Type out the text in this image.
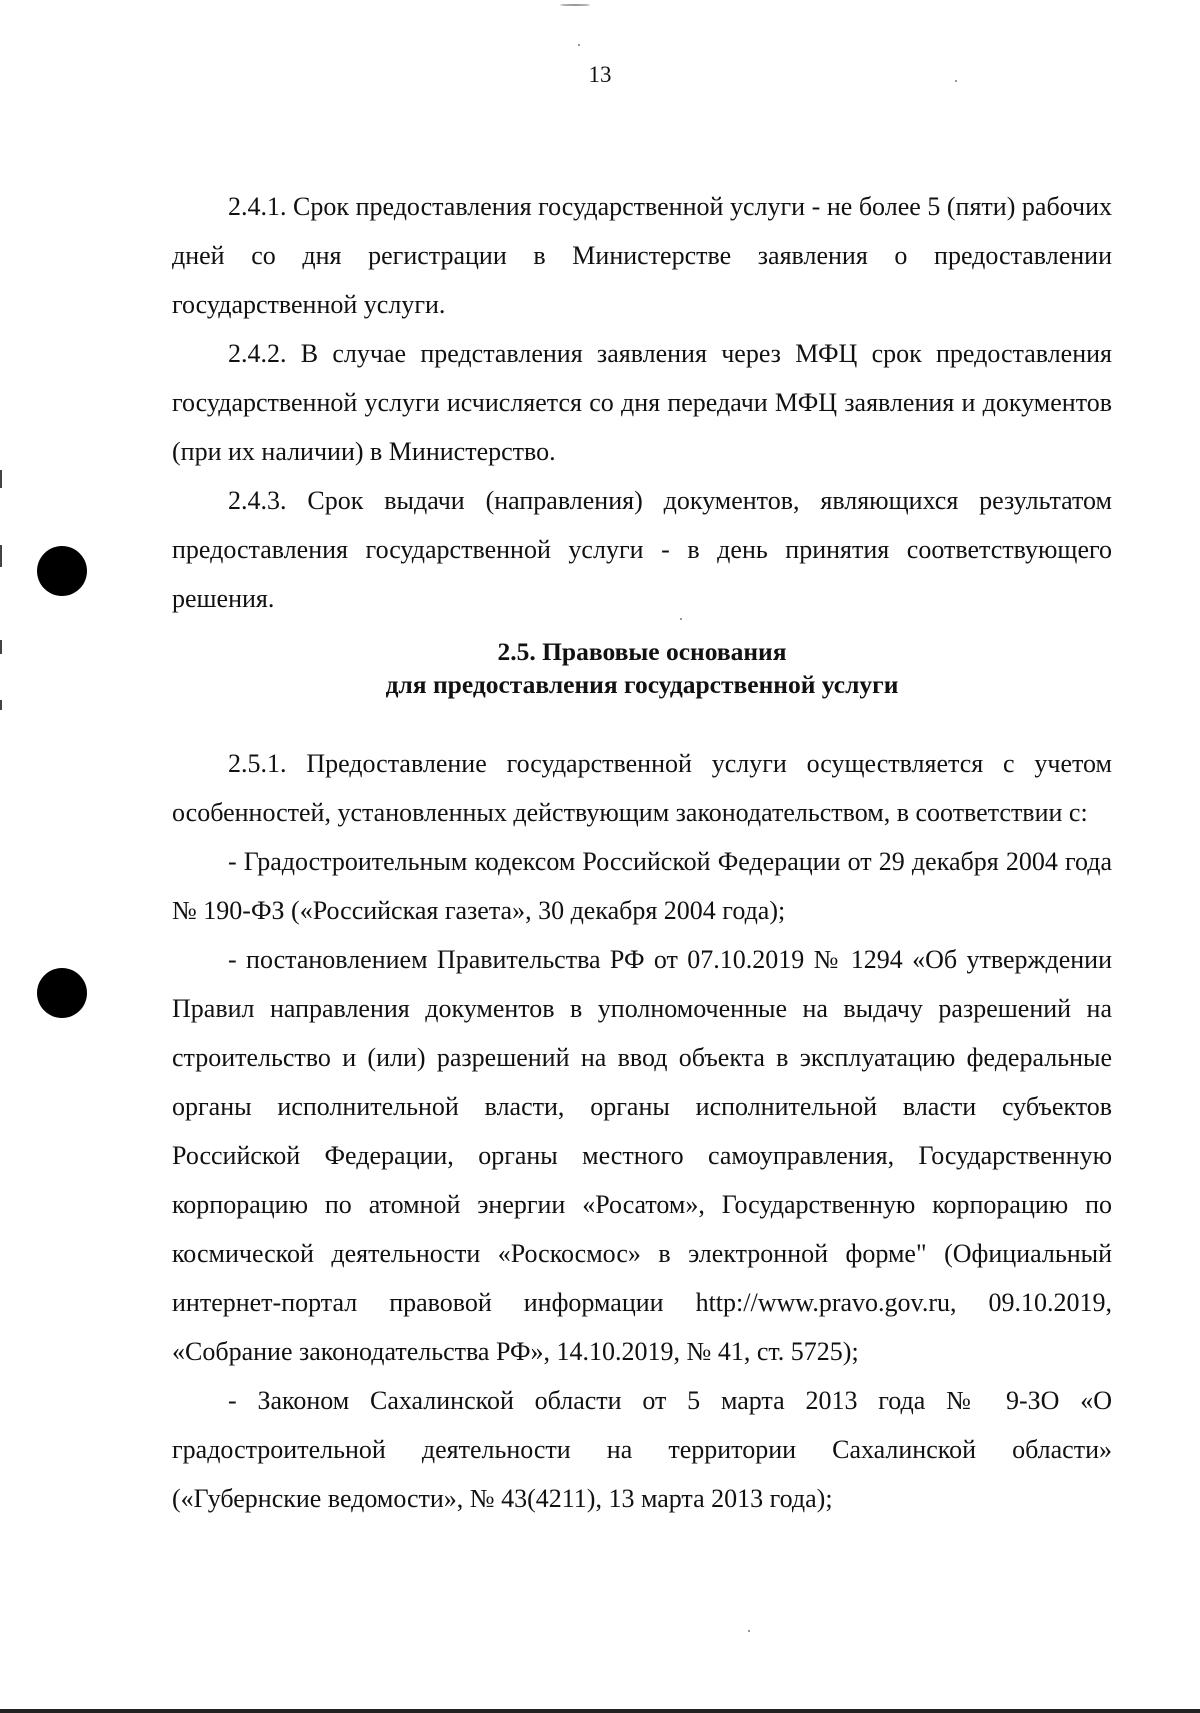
13

2.4.1. Срок предоставления государственной услуги - не более 5 (пяти) рабочих дней со дня регистрации в Министерстве заявления о предоставлении государственной услуги.

2.4.2. В случае представления заявления через МФЦ срок предоставления государственной услуги исчисляется со дня передачи МФЦ заявления и документов (при их наличии) в Министерство.

2.4.3. Срок выдачи (направления) документов, являющихся результатом предоставления государственной услуги - в день принятия соответствующего решения.

2.5. Правовые основания
для предоставления государственной услуги

2.5.1. Предоставление государственной услуги осуществляется с учетом особенностей, установленных действующим законодательством, в соответствии с:

- Градостроительным кодексом Российской Федерации от 29 декабря 2004 года № 190-ФЗ («Российская газета», 30 декабря 2004 года);

- постановлением Правительства РФ от 07.10.2019 № 1294 «Об утверждении Правил направления документов в уполномоченные на выдачу разрешений на строительство и (или) разрешений на ввод объекта в эксплуатацию федеральные органы исполнительной власти, органы исполнительной власти субъектов Российской Федерации, органы местного самоуправления, Государственную корпорацию по атомной энергии «Росатом», Государственную корпорацию по космической деятельности «Роскосмос» в электронной форме" (Официальный интернет-портал правовой информации http://www.pravo.gov.ru, 09.10.2019, «Собрание законодательства РФ», 14.10.2019, № 41, ст. 5725);

- Законом Сахалинской области от 5 марта 2013 года № 9-ЗО «О градостроительной деятельности на территории Сахалинской области» («Губернские ведомости», № 43(4211), 13 марта 2013 года);
